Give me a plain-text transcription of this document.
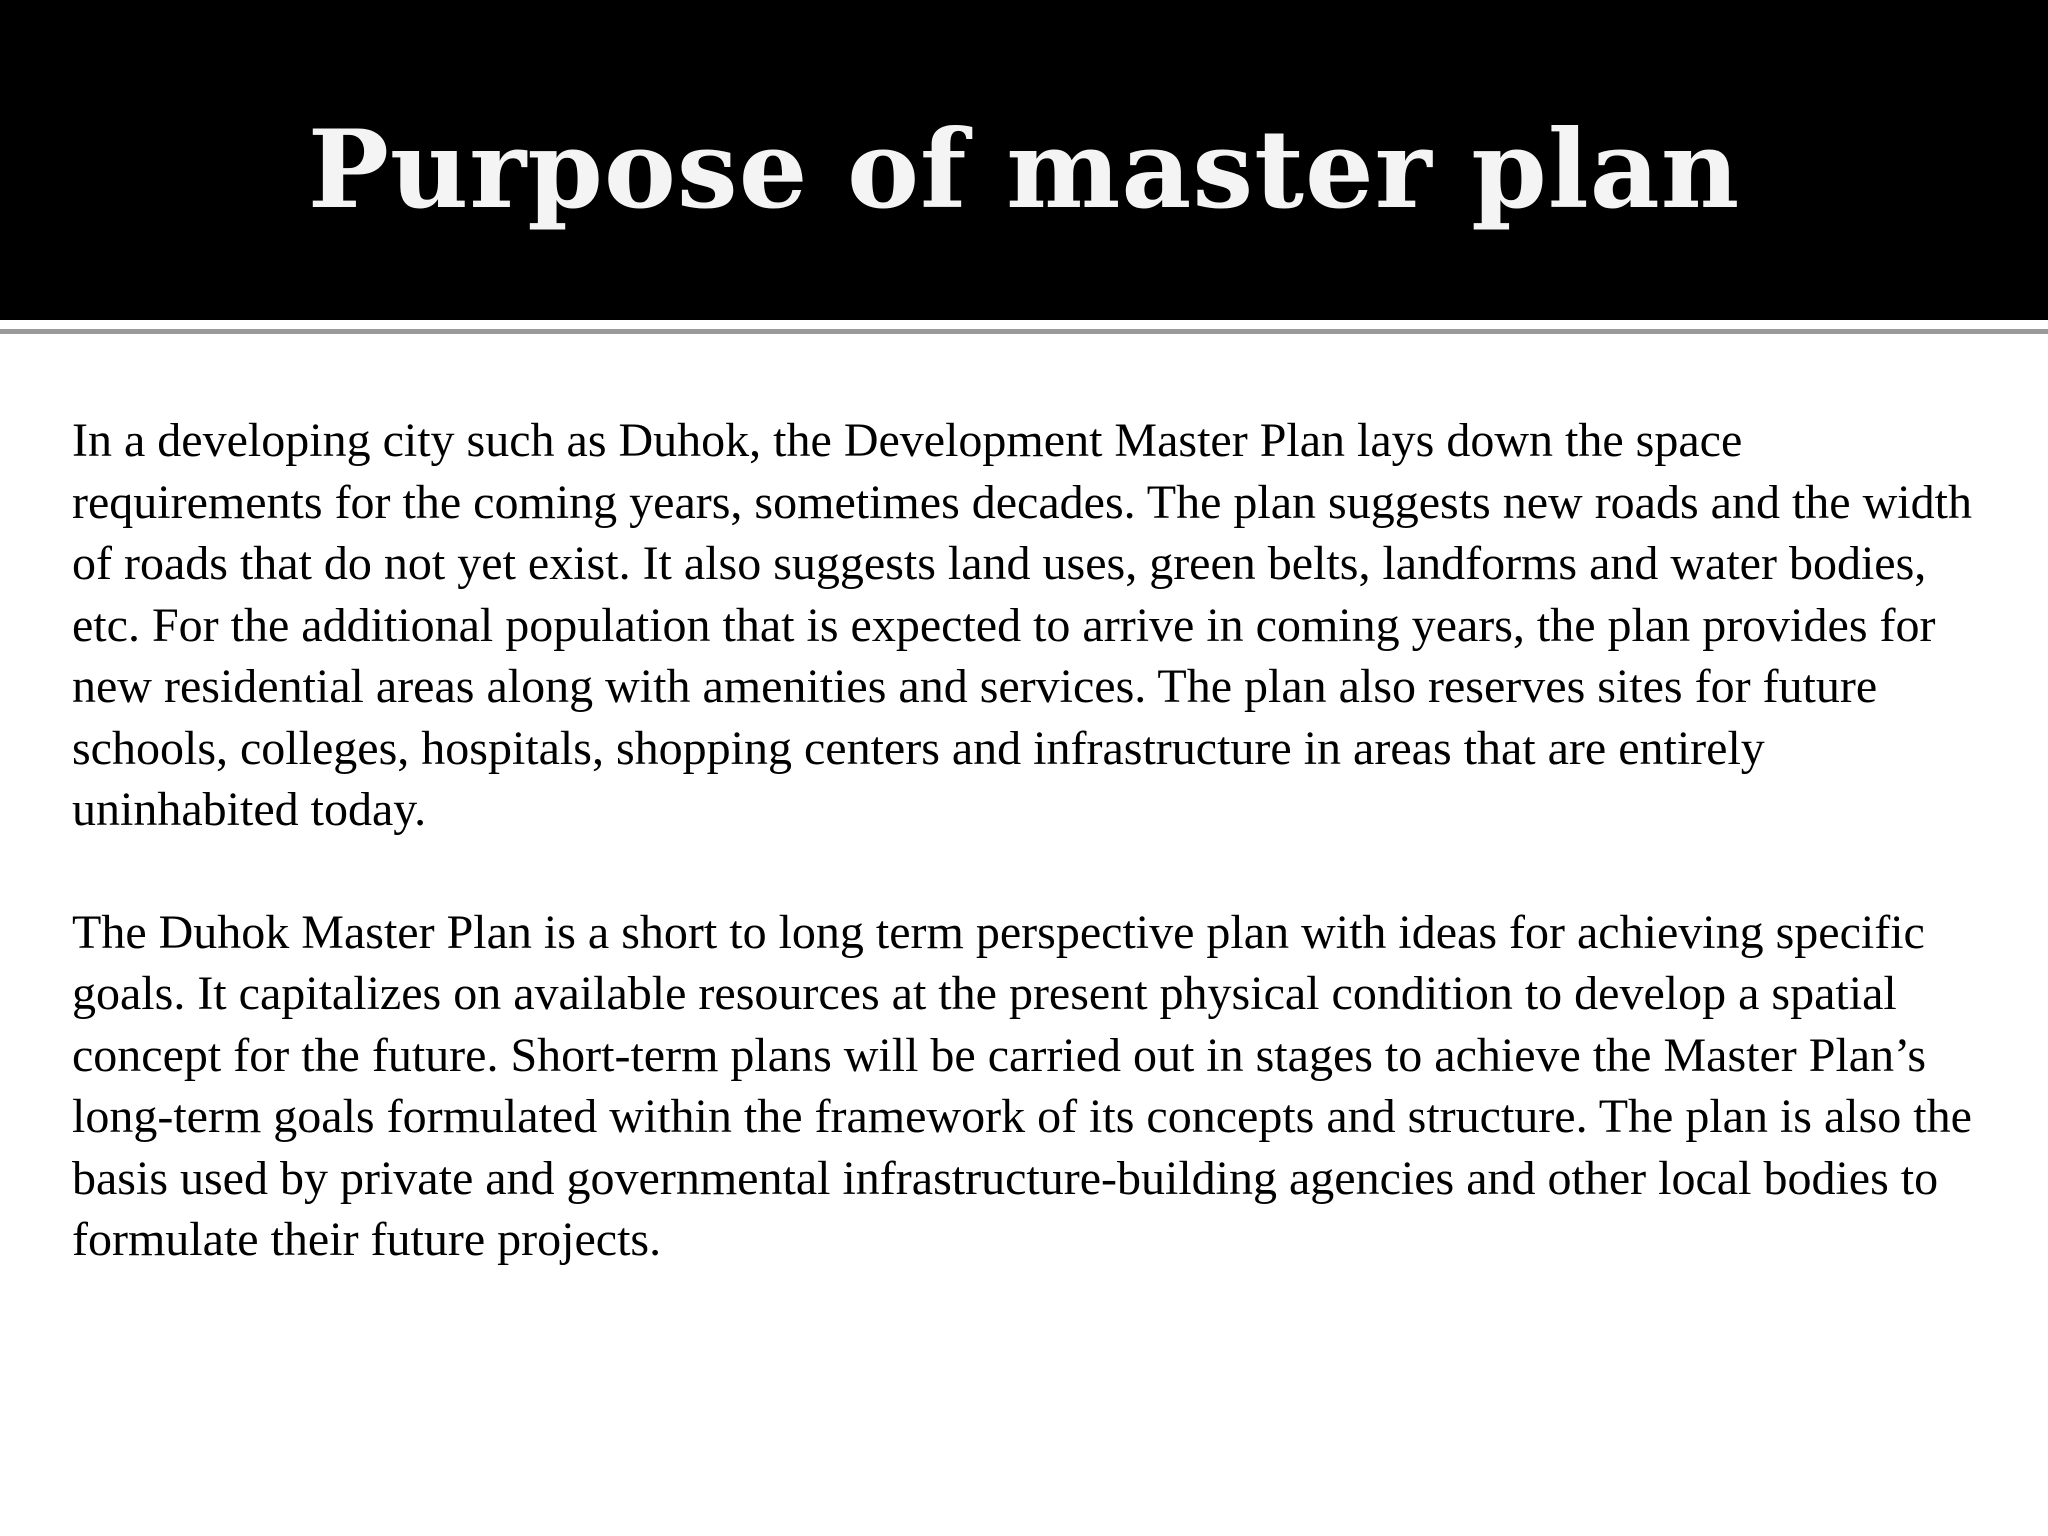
Purpose of master plan

In a developing city such as Duhok, the Development Master Plan lays down the space requirements for the coming years, sometimes decades. The plan suggests new roads and the width of roads that do not yet exist. It also suggests land uses, green belts, landforms and water bodies, etc. For the additional population that is expected to arrive in coming years, the plan provides for new residential areas along with amenities and services. The plan also reserves sites for future schools, colleges, hospitals, shopping centers and infrastructure in areas that are entirely uninhabited today.

The Duhok Master Plan is a short to long term perspective plan with ideas for achieving specific goals. It capitalizes on available resources at the present physical condition to develop a spatial concept for the future. Short-term plans will be carried out in stages to achieve the Master Plan’s long-term goals formulated within the framework of its concepts and structure. The plan is also the basis used by private and governmental infrastructure-building agencies and other local bodies to formulate their future projects.
